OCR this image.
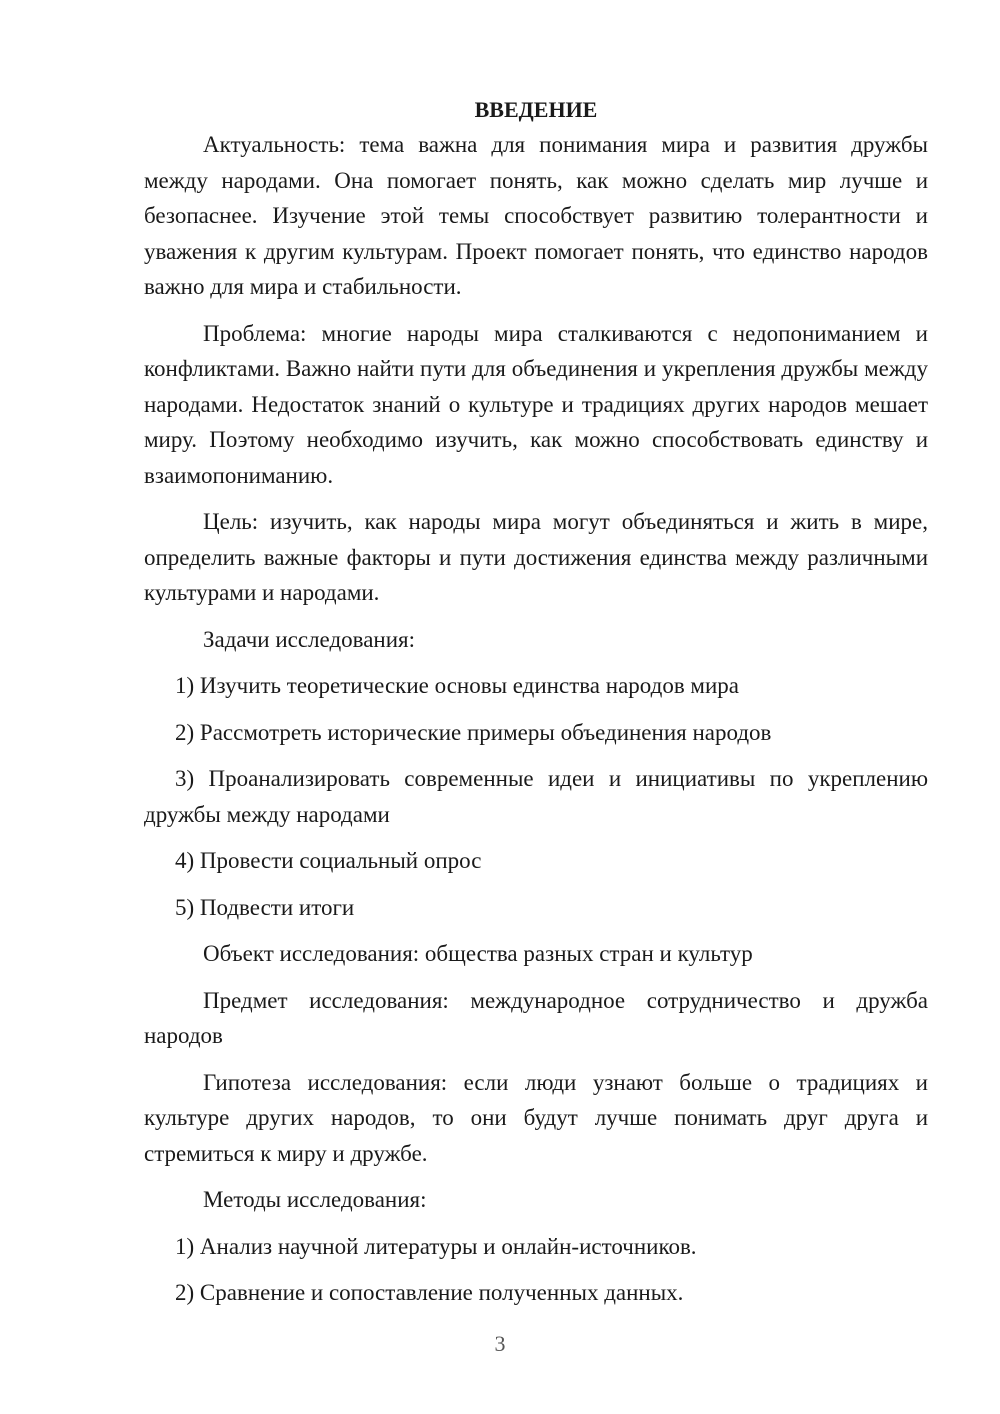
ВВЕДЕНИЕ

Актуальность: тема важна для понимания мира и развития дружбы между народами. Она помогает понять, как можно сделать мир лучше и безопаснее. Изучение этой темы способствует развитию толерантности и уважения к другим культурам. Проект помогает понять, что единство народов важно для мира и стабильности.

Проблема: многие народы мира сталкиваются с недопониманием и конфликтами. Важно найти пути для объединения и укрепления дружбы между народами. Недостаток знаний о культуре и традициях других народов мешает миру. Поэтому необходимо изучить, как можно способствовать единству и взаимопониманию.

Цель: изучить, как народы мира могут объединяться и жить в мире, определить важные факторы и пути достижения единства между различными культурами и народами.

Задачи исследования:

1) Изучить теоретические основы единства народов мира

2) Рассмотреть исторические примеры объединения народов

3) Проанализировать современные идеи и инициативы по укреплению дружбы между народами

4) Провести социальный опрос

5) Подвести итоги

Объект исследования: общества разных стран и культур

Предмет исследования: международное сотрудничество и дружба народов

Гипотеза исследования: если люди узнают больше о традициях и культуре других народов, то они будут лучше понимать друг друга и стремиться к миру и дружбе.

Методы исследования:

1) Анализ научной литературы и онлайн-источников.

2) Сравнение и сопоставление полученных данных.

3
